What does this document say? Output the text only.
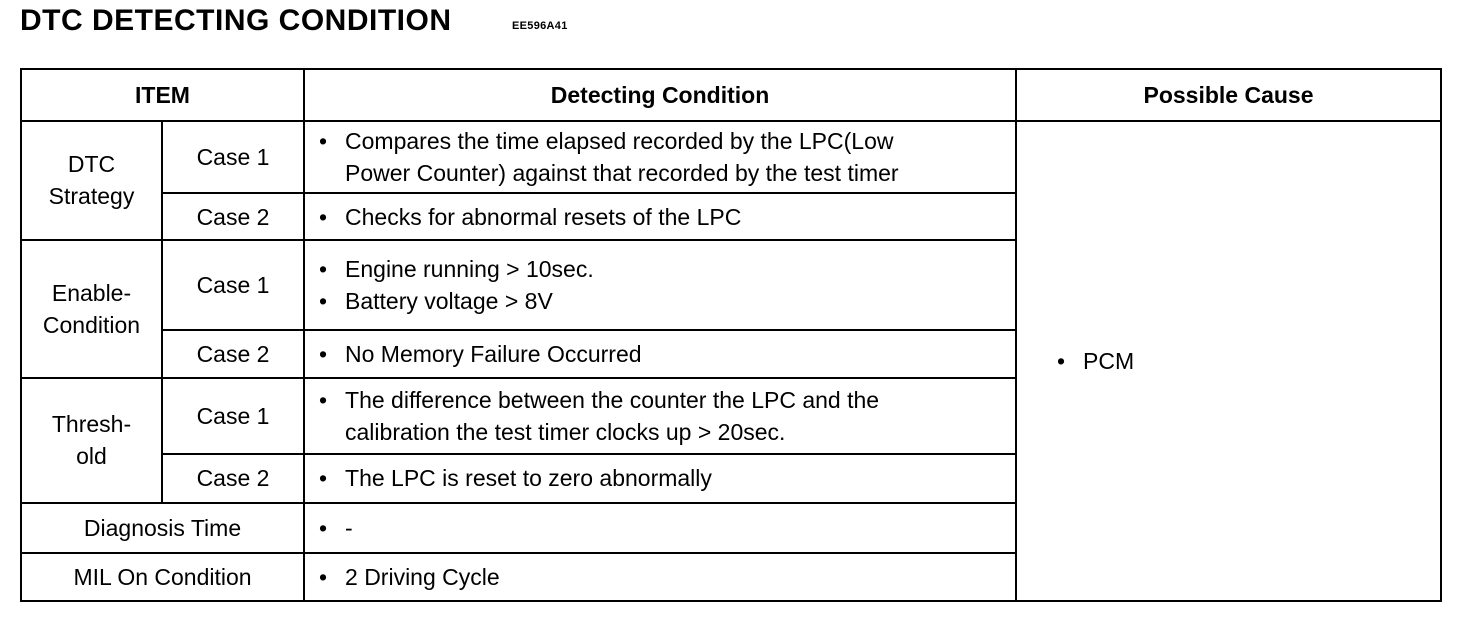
DTC DETECTING CONDITION	EE596A41
ITEM		Detecting Condition	Possible Cause
DTC
Strategy	Case 1	• Compares the time elapsed recorded by the LPC(Low
Power Counter) against that recorded by the test timer	• PCM

	Case 2	• Checks for abnormal resets of the LPC

Enable-
Condition	Case 1	• Engine running > 10sec.
• Battery voltage > 8V

	Case 2	• No Memory Failure Occurred

Thresh-
old	Case 1	• The difference between the counter the LPC and the
calibration the test timer clocks up > 20sec.

	Case 2	• The LPC is reset to zero abnormally

Diagnosis Time		• -

MIL On Condition		• 2 Driving Cycle
